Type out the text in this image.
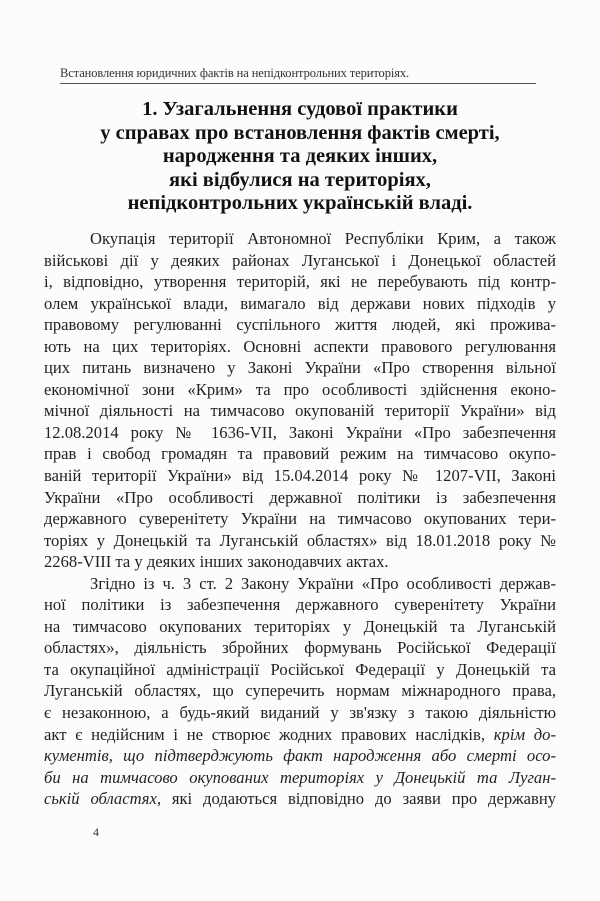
Встановлення юридичних фактів на непідконтрольних територіях.
1. Узагальнення судової практики
у справах про встановлення фактів смерті,
народження та деяких інших,
які відбулися на територіях,
непідконтрольних українській владі.
Окупація території Автономної Республіки Крим, а також
військові дії у деяких районах Луганської і Донецької областей
і, відповідно, утворення територій, які не перебувають під контр-
олем української влади, вимагало від держави нових підходів у
правовому регулюванні суспільного життя людей, які прожива-
ють на цих територіях. Основні аспекти правового регулювання
цих питань визначено у Законі України «Про створення вільної
економічної зони «Крим» та про особливості здійснення еконо-
мічної діяльності на тимчасово окупованій території України» від
12.08.2014 року № 1636-VII, Законі України «Про забезпечення
прав і свобод громадян та правовий режим на тимчасово окупо-
ваній території України» від 15.04.2014 року № 1207-VII, Законі
України «Про особливості державної політики із забезпечення
державного суверенітету України на тимчасово окупованих тери-
торіях у Донецькій та Луганській областях» від 18.01.2018 року №
2268-VIII та у деяких інших законодавчих актах.
Згідно із ч. 3 ст. 2 Закону України «Про особливості держав-
ної політики із забезпечення державного суверенітету України
на тимчасово окупованих територіях у Донецькій та Луганській
областях», діяльність збройних формувань Російської Федерації
та окупаційної адміністрації Російської Федерації у Донецькій та
Луганській областях, що суперечить нормам міжнародного права,
є незаконною, а будь-який виданий у зв'язку з такою діяльністю
акт є недійсним і не створює жодних правових наслідків, крім до-
кументів, що підтверджують факт народження або смерті осо-
би на тимчасово окупованих територіях у Донецькій та Луган-
ській областях, які додаються відповідно до заяви про державну
4
